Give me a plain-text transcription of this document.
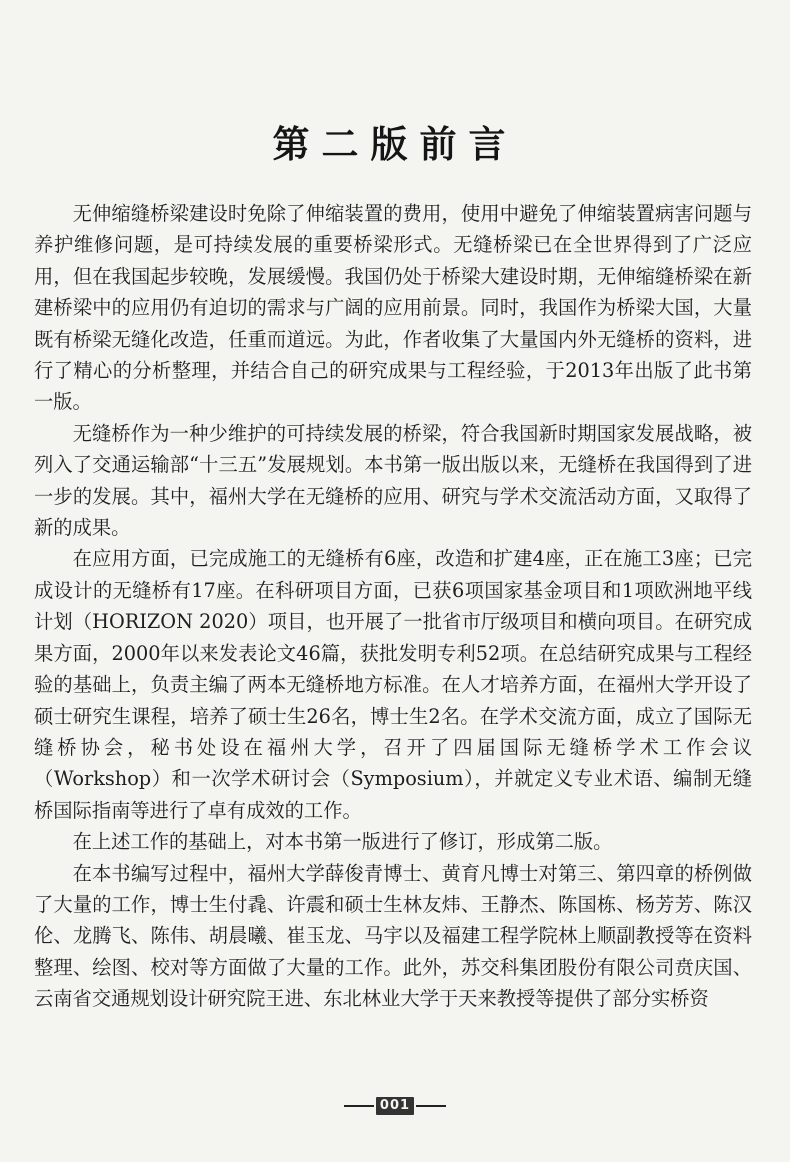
第二版前言

无伸缩缝桥梁建设时免除了伸缩装置的费用，使用中避免了伸缩装置病害问题与养护维修问题，是可持续发展的重要桥梁形式。无缝桥梁已在全世界得到了广泛应用，但在我国起步较晚，发展缓慢。我国仍处于桥梁大建设时期，无伸缩缝桥梁在新建桥梁中的应用仍有迫切的需求与广阔的应用前景。同时，我国作为桥梁大国，大量既有桥梁无缝化改造，任重而道远。为此，作者收集了大量国内外无缝桥的资料，进行了精心的分析整理，并结合自己的研究成果与工程经验，于2013年出版了此书第一版。

无缝桥作为一种少维护的可持续发展的桥梁，符合我国新时期国家发展战略，被列入了交通运输部“十三五”发展规划。本书第一版出版以来，无缝桥在我国得到了进一步的发展。其中，福州大学在无缝桥的应用、研究与学术交流活动方面，又取得了新的成果。

在应用方面，已完成施工的无缝桥有6座，改造和扩建4座，正在施工3座；已完成设计的无缝桥有17座。在科研项目方面，已获6项国家基金项目和1项欧洲地平线计划（HORIZON 2020）项目，也开展了一批省市厅级项目和横向项目。在研究成果方面，2000年以来发表论文46篇，获批发明专利52项。在总结研究成果与工程经验的基础上，负责主编了两本无缝桥地方标准。在人才培养方面，在福州大学开设了硕士研究生课程，培养了硕士生26名，博士生2名。在学术交流方面，成立了国际无缝桥协会，秘书处设在福州大学，召开了四届国际无缝桥学术工作会议（Workshop）和一次学术研讨会（Symposium），并就定义专业术语、编制无缝桥国际指南等进行了卓有成效的工作。

在上述工作的基础上，对本书第一版进行了修订，形成第二版。

在本书编写过程中，福州大学薛俊青博士、黄育凡博士对第三、第四章的桥例做了大量的工作，博士生付毳、许震和硕士生林友炜、王静杰、陈国栋、杨芳芳、陈汉伦、龙腾飞、陈伟、胡晨曦、崔玉龙、马宇以及福建工程学院林上顺副教授等在资料整理、绘图、校对等方面做了大量的工作。此外，苏交科集团股份有限公司贲庆国、云南省交通规划设计研究院王进、东北林业大学于天来教授等提供了部分实桥资

001
